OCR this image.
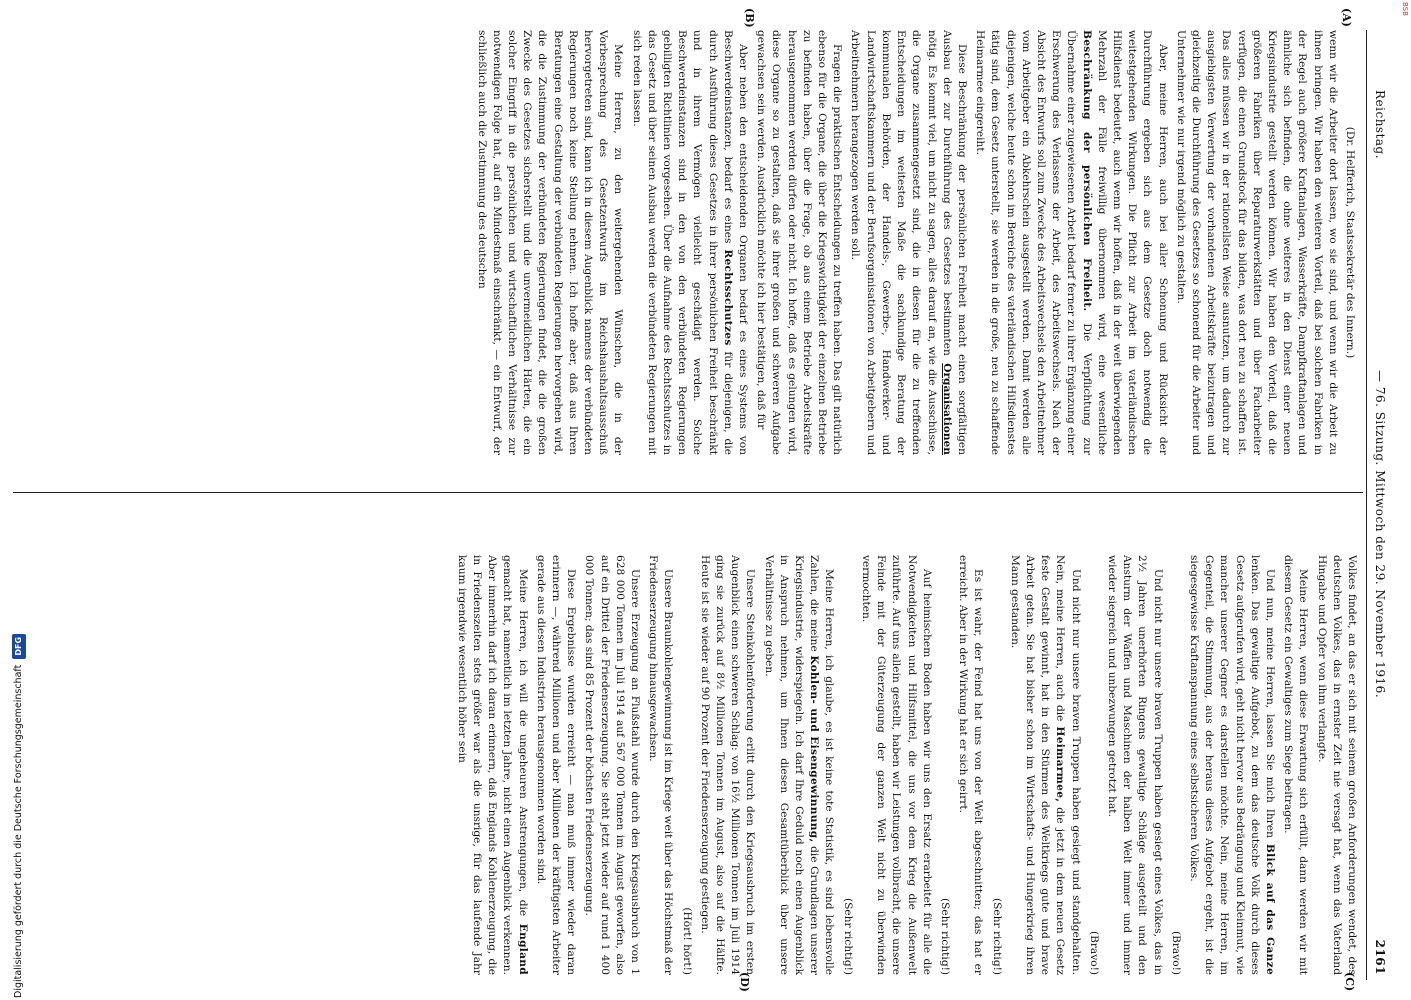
Reichstag.
— 76. Sitzung. Mittwoch den 29. November 1916.
2161
(A)
(B)
(C)
(D)

(Dr. Helfferich, Staatssekretär des Innern.)

wenn wir die Arbeiter dort lassen, wo sie sind, und wenn wir die Arbeit zu ihnen bringen. Wir haben den weiteren Vorteil, daß bei solchen Fabriken in der Regel auch größere Kraftanlagen, Wasserkräfte, Dampfkraftanlagen und ähnliche sich befinden, die ohne weiteres in den Dienst einer neuen Kriegsindustrie gestellt werden können. Wir haben den Vorteil, daß die größeren Fabriken über Reparaturwerkstätten und über Facharbeiter verfügen, die einen Grundstock für das bilden, was dort neu zu schaffen ist. Das alles müssen wir in der rationellsten Weise ausnutzen, um dadurch zur ausgiebigsten Verwertung der vorhandenen Arbeitskräfte beizutragen und gleichzeitig die Durchführung des Gesetzes so schonend für die Arbeiter und Unternehmer wie nur irgend möglich zu gestalten.

Aber, meine Herren, auch bei aller Schonung und Rücksicht der Durchführung ergeben sich aus dem Gesetze doch notwendig die weitestgehenden Wirkungen. Die Pflicht zur Arbeit im vaterländischen Hilfsdienst bedeutet, auch wenn wir hoffen, daß in der weit überwiegenden Mehrzahl der Fälle freiwillig übernommen wird, eine wesentliche Beschränkung der persönlichen Freiheit. Die Verpflichtung zur Übernahme einer zugewiesenen Arbeit bedarf ferner zu ihrer Ergänzung einer Erschwerung des Verlassens der Arbeit, des Arbeitswechsels. Nach der Absicht des Entwurfs soll zum Zwecke des Arbeitswechsels den Arbeitnehmer vom Arbeitgeber ein Abkehrschein ausgestellt werden. Damit werden alle diejenigen, welche heute schon im Bereiche des vaterländischen Hilfsdienstes tätig sind, dem Gesetz unterstellt, sie werden in die große, neu zu schaffende Heimarmee eingereiht.

Diese Beschränkung der persönlichen Freiheit macht einen sorgfältigen Ausbau der zur Durchführung des Gesetzes bestimmten Organisationen nötig. Es kommt viel, um nicht zu sagen, alles darauf an, wie die Ausschüsse, die Organe zusammengesetzt sind, die in diesen für die zu treffenden Entscheidungen im weitesten Maße die sachkundige Beratung der kommunalen Behörden, der Handels-, Gewerbe-, Handwerker- und Landwirtschaftskammern und der Berufsorganisationen von Arbeitgebern und Arbeitnehmern herangezogen werden soll.

Fragen die praktischen Entscheidungen zu treffen haben. Das gilt natürlich ebenso für die Organe, die über die Kriegswichtigkeit der einzelnen Betriebe zu befinden haben, über die Frage, ob aus einem Betriebe Arbeitskräfte herausgenommen werden dürfen oder nicht. Ich hoffe, daß es gelungen wird, diese Organe so zu gestalten, daß sie ihrer großen und schweren Aufgabe gewachsen sein werden. Ausdrücklich möchte ich hier bestätigen, daß für

Aber neben den entscheidenden Organen bedarf es eines Systems von Beschwerdeinstanzen, bedarf es eines Rechtsschutzes für diejenigen, die durch Ausführung dieses Gesetzes in ihrer persönlichen Freiheit beschränkt und in ihrem Vermögen vielleicht geschädigt werden. Solche Beschwerdeinstanzen sind in den von den verbündeten Regierungen gebilligten Richtlinien vorgesehen. Über die Aufnahme des Rechtsschutzes in das Gesetz und über seinen Ausbau werden die verbündeten Regierungen mit sich reden lassen.

Meine Herren, zu den weitergehenden Wünschen, die in der Vorbesprechung des Gesetzentwurfs im Reichshaushaltsausschuß hervorgetreten sind, kann ich in diesem Augenblick namens der verbündeten Regierungen noch keine Stellung nehmen. Ich hoffe aber, daß aus Ihren Beratungen eine Gestaltung der verbündeten Regierungen hervorgehen wird, die die Zustimmung der verbündeten Regierungen findet, die die großen Zwecke des Gesetzes sicherstellt und die unvermeidlichen Härten, die ein solcher Eingriff in die persönlichen und wirtschaftlichen Verhältnisse zur notwendigen Folge hat, auf ein Mindestmaß einschränkt, — ein Entwurf, der schließlich auch die Zustimmung des deutschen

Volkes findet, an das er sich mit seinem großen Anforderungen wendet, des deutschen Volkes, das in ernster Zeit nie versagt hat, wenn das Vaterland Hingabe und Opfer von ihm verlangte.

Meine Herren, wenn diese Erwartung sich erfüllt, dann werden wir mit diesem Gesetz ein Gewaltiges zum Siege beitragen.

Und nun, meine Herren, lassen Sie mich Ihren Blick auf das Ganze lenken. Das gewaltige Aufgebot, zu dem das deutsche Volk durch dieses Gesetz aufgerufen wird, geht nicht hervor aus Bedrängung und Kleinmut, wie mancher unserer Gegner es darstellen möchte. Nein, meine Herren, im Gegenteil, die Stimmung, aus der heraus dieses Aufgebot ergeht, ist die siegesgewisse Kraftanspannung eines selbstsicheren Volkes.

(Bravo!)

Und nicht nur unsere braven Truppen haben gesiegt eines Volkes, das in 2½ Jahren unerhörten Ringens gewaltige Schläge ausgeteilt und den Ansturm der Waffen und Maschinen der halben Welt immer und immer wieder siegreich und unbezwungen getrotzt hat.

(Bravo!)

Und nicht nur unsere braven Truppen haben gesiegt und standgehalten. Nein, meine Herren, auch die Heimarmee, die jetzt in dem neuen Gesetz feste Gestalt gewinnt, hat in den Stürmen des Weltkriegs gute und brave Arbeit getan. Sie hat bisher schon im Wirtschafts- und Hungerkrieg ihren Mann gestanden.

(Sehr richtig!)

Es ist wahr, der Feind hat uns von der Welt abgeschnitten; das hat er erreicht. Aber in der Wirkung hat er sich geirrt.

(Sehr richtig!)

Auf heimischem Boden haben wir uns den Ersatz erarbeitet für alle die Notwendigkeiten und Hilfsmittel, die uns vor dem Krieg die Außenwelt zuführte. Auf uns allein gestellt, haben wir Leistungen vollbracht, die unsere Feinde mit der Güterzeugung der ganzen Welt nicht zu überwinden vermochten.

(Sehr richtig!)

Meine Herren, ich glaube, es ist keine tote Statistik, es sind lebensvolle Zahlen, die meine Kohlen- und Eisengewinnung, die Grundlagen unserer Kriegsindustrie, widerspiegeln. Ich darf Ihre Geduld noch einen Augenblick in Anspruch nehmen, um Ihnen diesen Gesamtüberblick über unsere Verhältnisse zu geben.

Unsere Steinkohlenförderung erlitt durch den Kriegsausbruch im ersten Augenblick einen schweren Schlag: von 16½ Millionen Tonnen im Juli 1914 ging sie zurück auf 8½ Millionen Tonnen im August, also auf die Hälfte. Heute ist sie wieder auf 90 Prozent der Friedenserzeugung gestiegen.

(Hört! hört!)

Unsere Braunkohlengewinnung ist im Kriege weit über das Höchstmaß der Friedenserzeugung hinausgewachsen.

Unsere Erzeugung an Flußstahl wurde durch den Kriegsausbruch von 1 628 000 Tonnen im Juli 1914 auf 567 000 Tonnen im August geworfen, also auf ein Drittel der Friedenserzeugung. Sie steht jetzt wieder auf rund 1 400 000 Tonnen; das sind 85 Prozent der höchsten Friedenserzeugung.

Diese Ergebnisse wurden erreicht — man muß immer wieder daran erinnern —, während Millionen und aber Millionen der kräftigsten Arbeiter gerade aus diesen Industrien herausgenommen worden sind.

Meine Herren, ich will die ungeheuren Anstrengungen, die England gemacht hat, namentlich im letzten Jahre, nicht einen Augenblick verkennen. Aber immerhin darf ich daran erinnern, daß Englands Kohlenerzeugung, die in Friedenszeiten stets größer war als die unsrige, für das laufende Jahr kaum irgendwie wesentlich höher sein

Digitalisierung gefördert durch die Deutsche Forschungsgemeinschaft DFG
BSB
